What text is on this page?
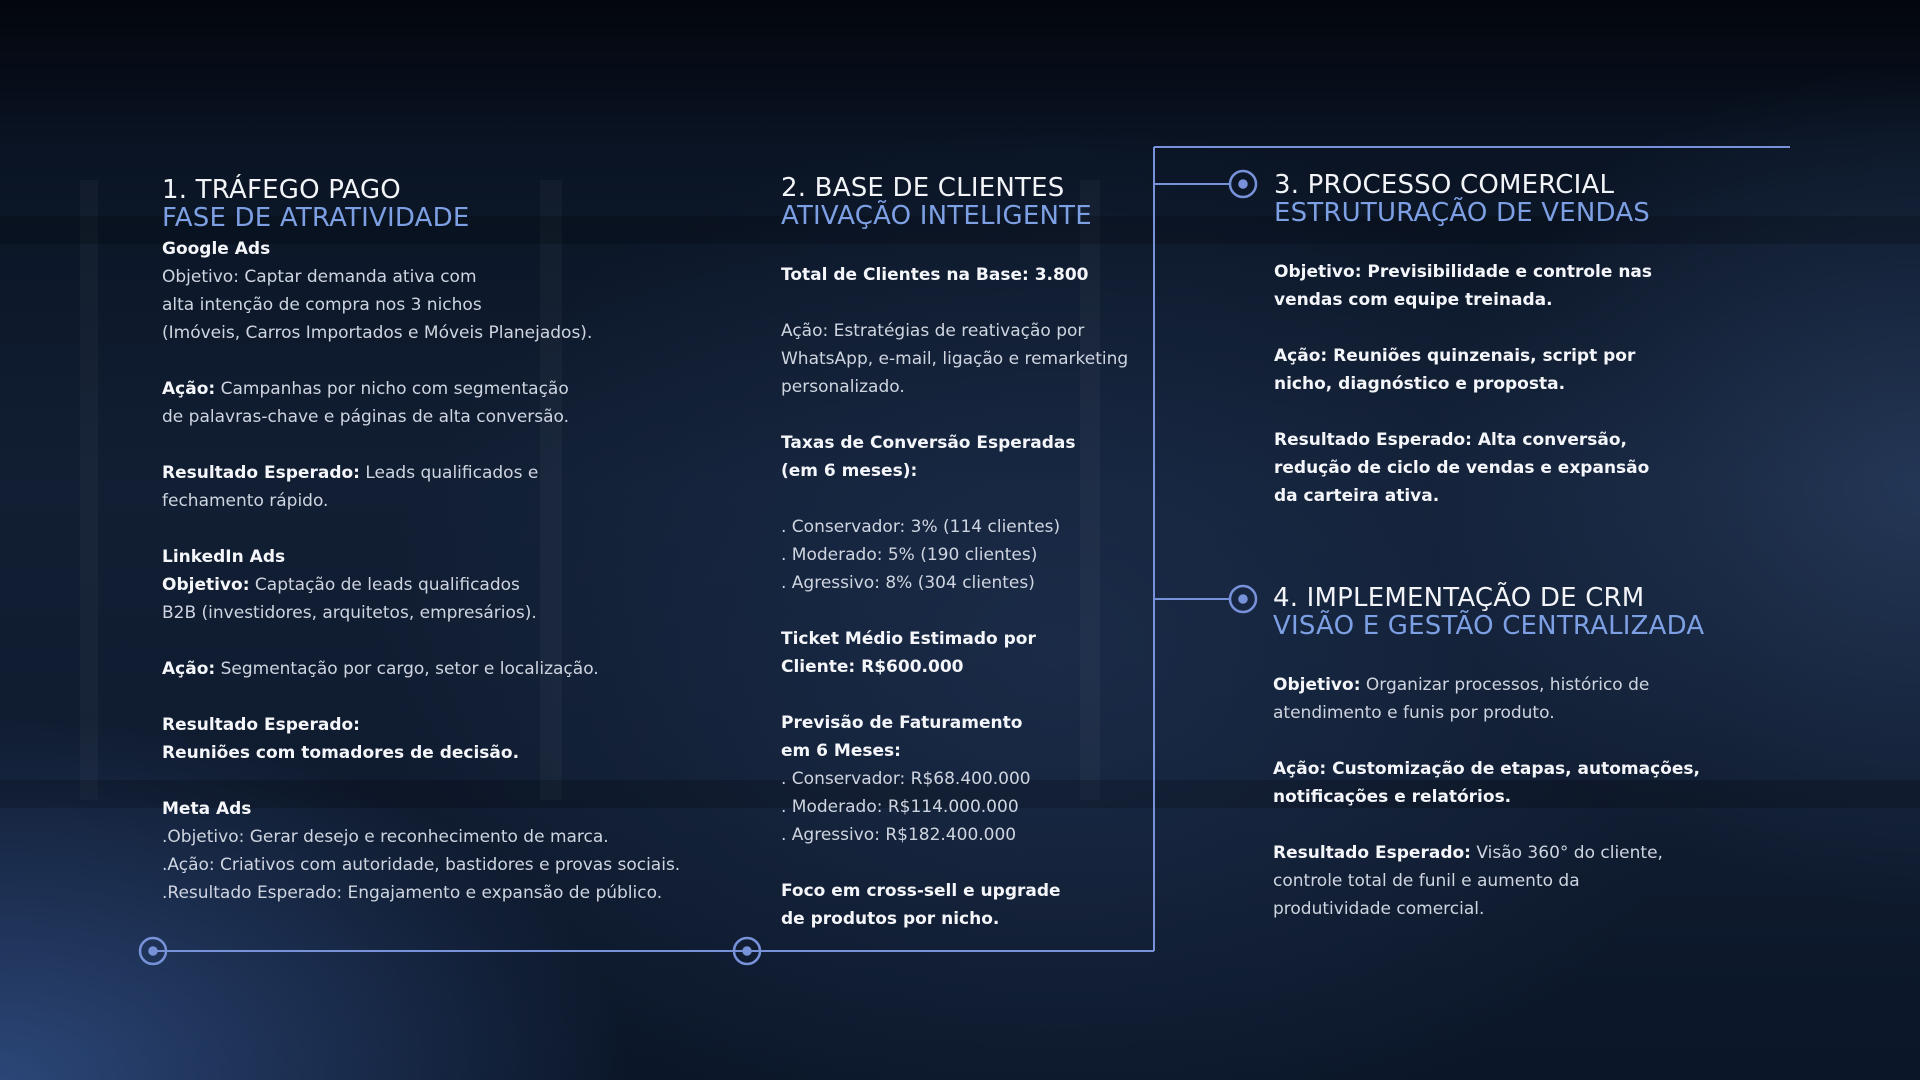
1. TRÁFEGO PAGO
FASE DE ATRATIVIDADE
Google Ads
Objetivo: Captar demanda ativa com
alta intenção de compra nos 3 nichos
(Imóveis, Carros Importados e Móveis Planejados).
Ação: Campanhas por nicho com segmentação
de palavras-chave e páginas de alta conversão.
Resultado Esperado: Leads qualificados e
fechamento rápido.
LinkedIn Ads
Objetivo: Captação de leads qualificados
B2B (investidores, arquitetos, empresários).
Ação: Segmentação por cargo, setor e localização.
Resultado Esperado:
Reuniões com tomadores de decisão.
Meta Ads
.Objetivo: Gerar desejo e reconhecimento de marca.
.Ação: Criativos com autoridade, bastidores e provas sociais.
.Resultado Esperado: Engajamento e expansão de público.
2. BASE DE CLIENTES
ATIVAÇÃO INTELIGENTE
Total de Clientes na Base: 3.800
Ação: Estratégias de reativação por
WhatsApp, e-mail, ligação e remarketing
personalizado.
Taxas de Conversão Esperadas
(em 6 meses):
. Conservador: 3% (114 clientes)
. Moderado: 5% (190 clientes)
. Agressivo: 8% (304 clientes)
Ticket Médio Estimado por
Cliente: R$600.000
Previsão de Faturamento
em 6 Meses:
. Conservador: R$68.400.000
. Moderado: R$114.000.000
. Agressivo: R$182.400.000
Foco em cross-sell e upgrade
de produtos por nicho.
3. PROCESSO COMERCIAL
ESTRUTURAÇÃO DE VENDAS
Objetivo: Previsibilidade e controle nas
vendas com equipe treinada.
Ação: Reuniões quinzenais, script por
nicho, diagnóstico e proposta.
Resultado Esperado: Alta conversão,
redução de ciclo de vendas e expansão
da carteira ativa.
4. IMPLEMENTAÇÃO DE CRM
VISÃO E GESTÃO CENTRALIZADA
Objetivo: Organizar processos, histórico de
atendimento e funis por produto.
Ação: Customização de etapas, automações,
notificações e relatórios.
Resultado Esperado: Visão 360° do cliente,
controle total de funil e aumento da
produtividade comercial.
